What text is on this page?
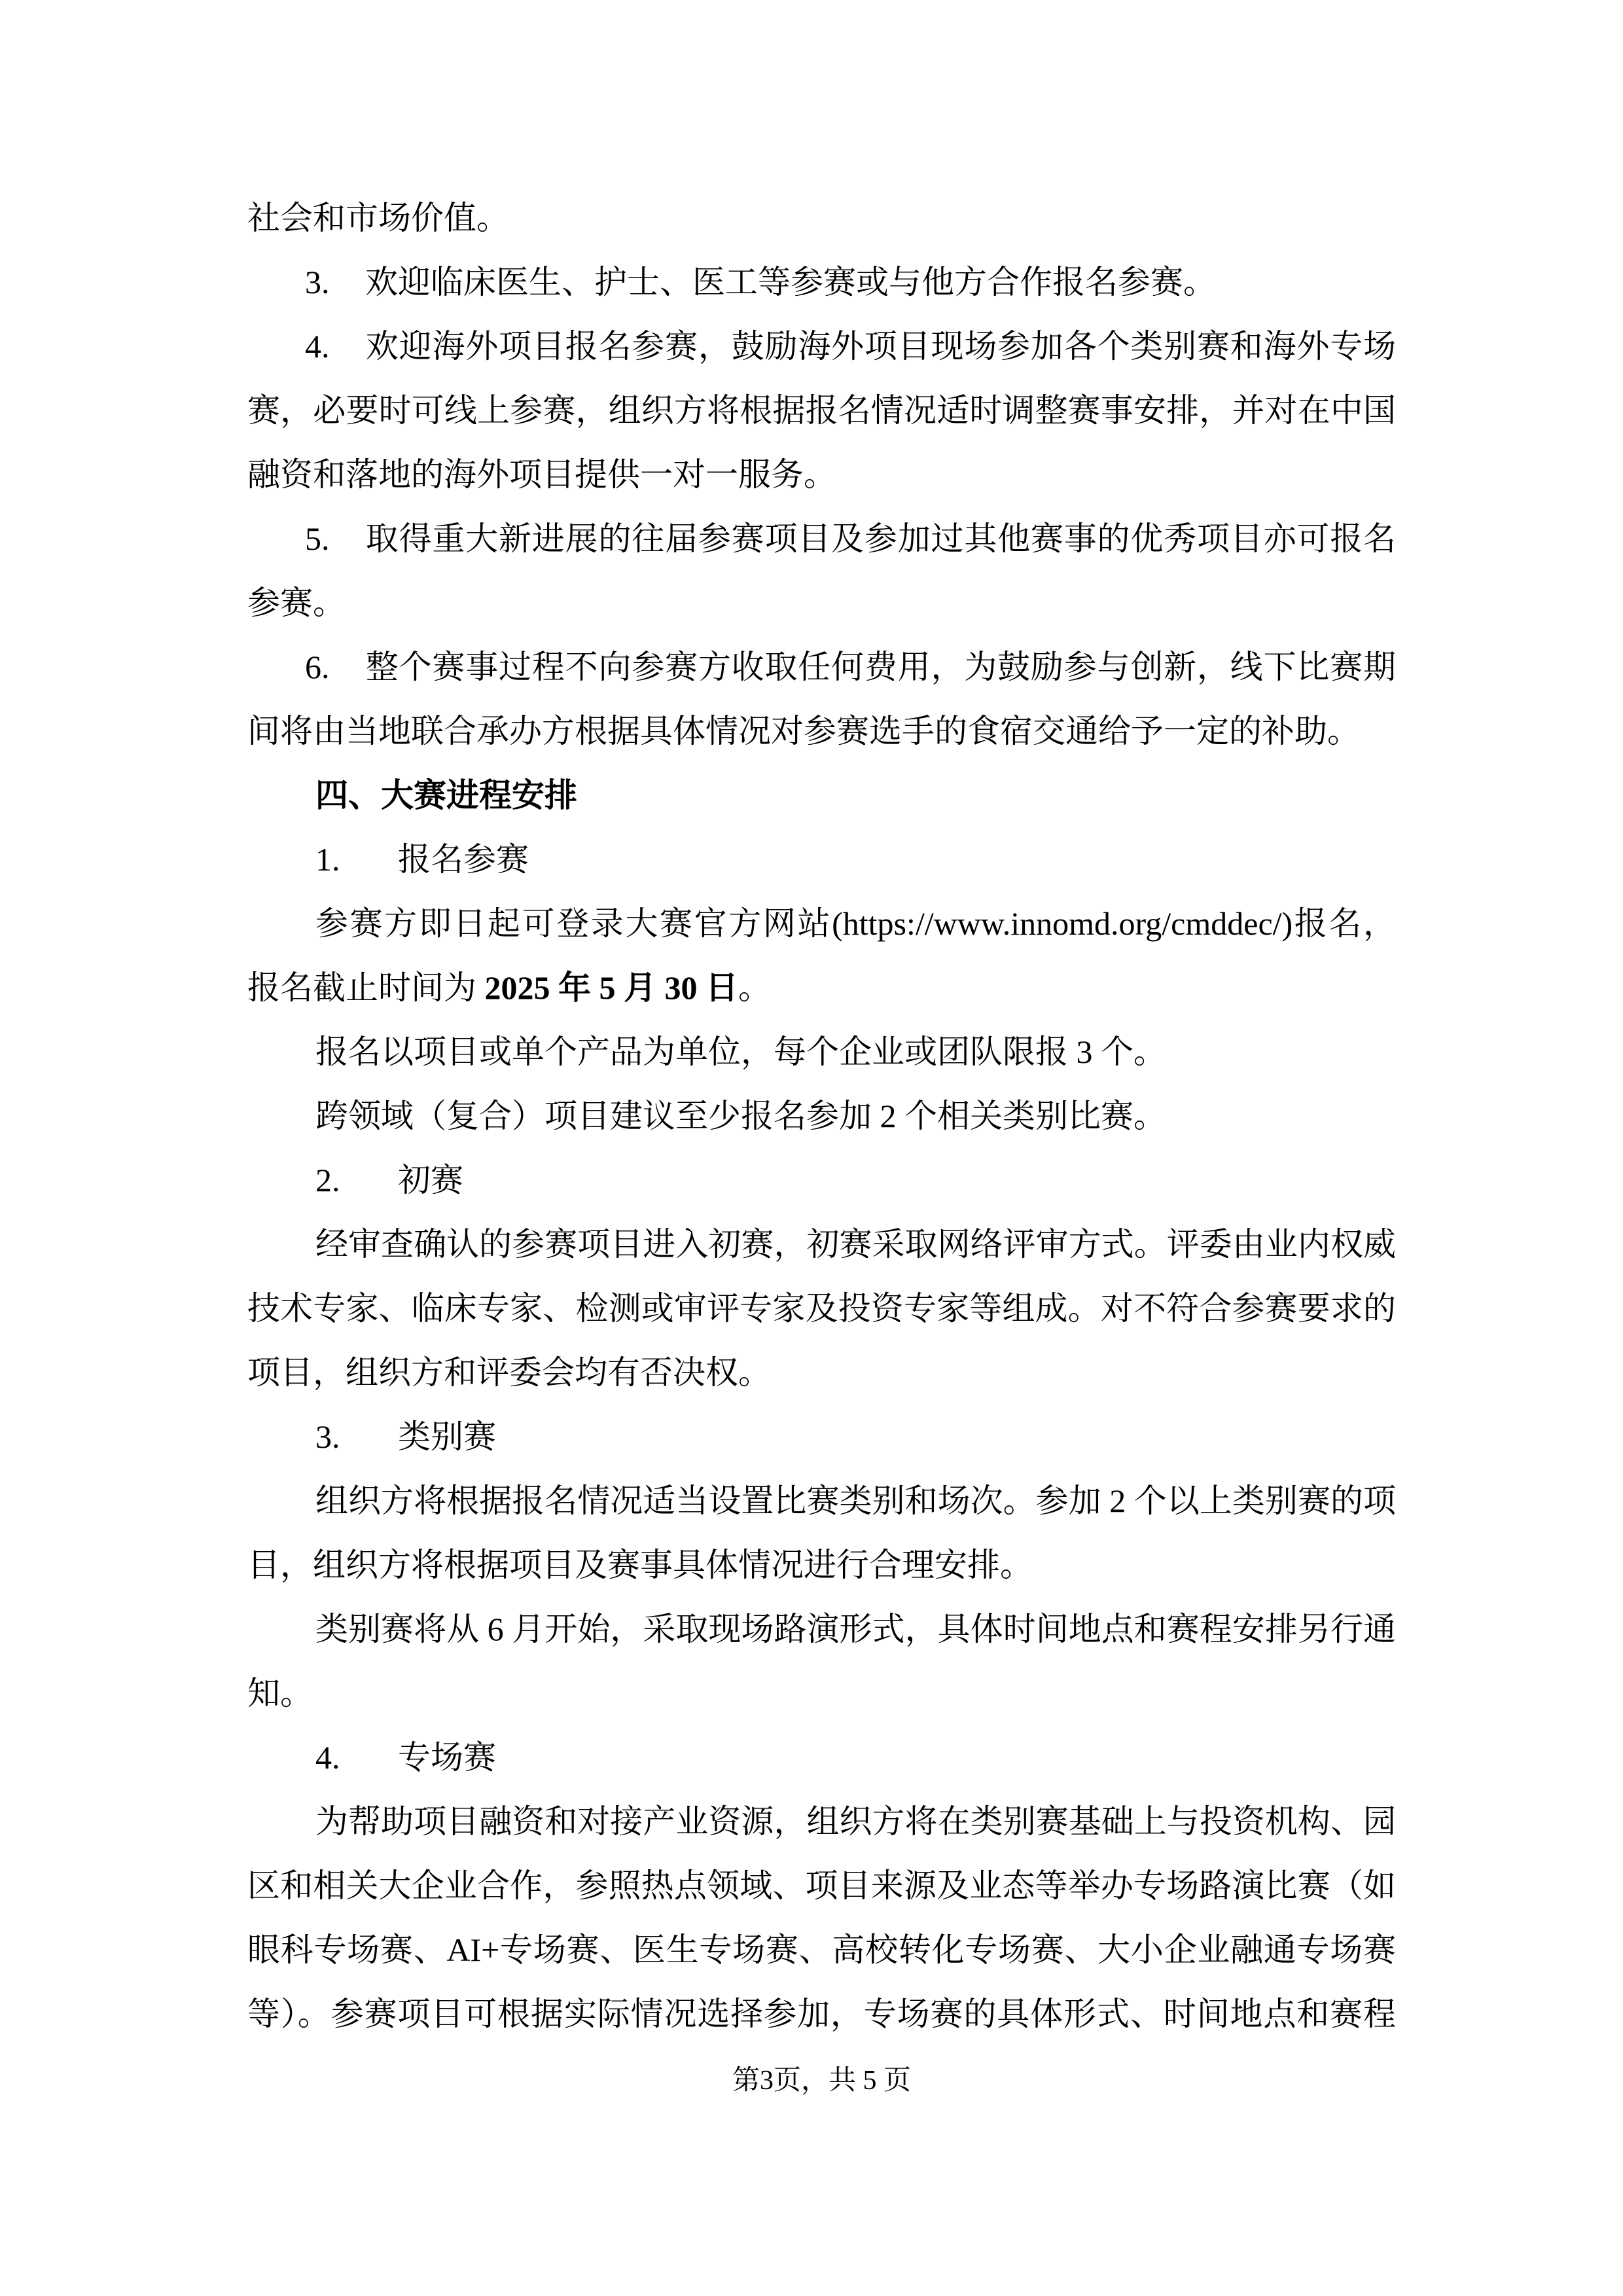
社会和市场价值。
3. 欢迎临床医生、护士、医工等参赛或与他方合作报名参赛。
4. 欢迎海外项目报名参赛，鼓励海外项目现场参加各个类别赛和海外专场
赛，必要时可线上参赛，组织方将根据报名情况适时调整赛事安排，并对在中国
融资和落地的海外项目提供一对一服务。
5. 取得重大新进展的往届参赛项目及参加过其他赛事的优秀项目亦可报名
参赛。
6. 整个赛事过程不向参赛方收取任何费用，为鼓励参与创新，线下比赛期
间将由当地联合承办方根据具体情况对参赛选手的食宿交通给予一定的补助。
四、大赛进程安排
1. 报名参赛
参赛方即日起可登录大赛官方网站(https://www.innomd.org/cmddec/)报名，
报名截止时间为 2025 年 5 月 30 日。
报名以项目或单个产品为单位，每个企业或团队限报 3 个。
跨领域（复合）项目建议至少报名参加 2 个相关类别比赛。
2. 初赛
经审查确认的参赛项目进入初赛，初赛采取网络评审方式。评委由业内权威
技术专家、临床专家、检测或审评专家及投资专家等组成。对不符合参赛要求的
项目，组织方和评委会均有否决权。
3. 类别赛
组织方将根据报名情况适当设置比赛类别和场次。参加 2 个以上类别赛的项
目，组织方将根据项目及赛事具体情况进行合理安排。
类别赛将从 6 月开始，采取现场路演形式，具体时间地点和赛程安排另行通
知。
4. 专场赛
为帮助项目融资和对接产业资源，组织方将在类别赛基础上与投资机构、园
区和相关大企业合作，参照热点领域、项目来源及业态等举办专场路演比赛（如
眼科专场赛、AI+专场赛、医生专场赛、高校转化专场赛、大小企业融通专场赛
等）。参赛项目可根据实际情况选择参加，专场赛的具体形式、时间地点和赛程
第3页，共 5 页
